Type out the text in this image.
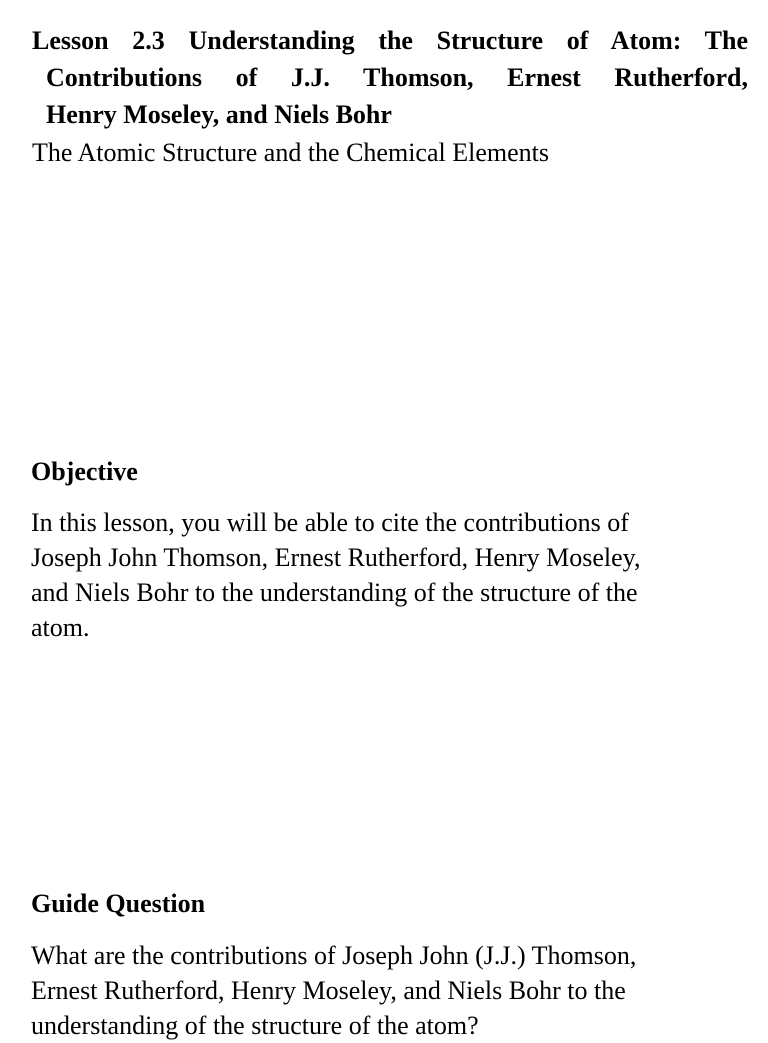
Lesson 2.3 Understanding the Structure of Atom: The
Contributions of J.J. Thomson, Ernest Rutherford,
Henry Moseley, and Niels Bohr

The Atomic Structure and the Chemical Elements

Objective

In this lesson, you will be able to cite the contributions of
Joseph John Thomson, Ernest Rutherford, Henry Moseley,
and Niels Bohr to the understanding of the structure of the
atom.

Guide Question

What are the contributions of Joseph John (J.J.) Thomson,
Ernest Rutherford, Henry Moseley, and Niels Bohr to the
understanding of the structure of the atom?
